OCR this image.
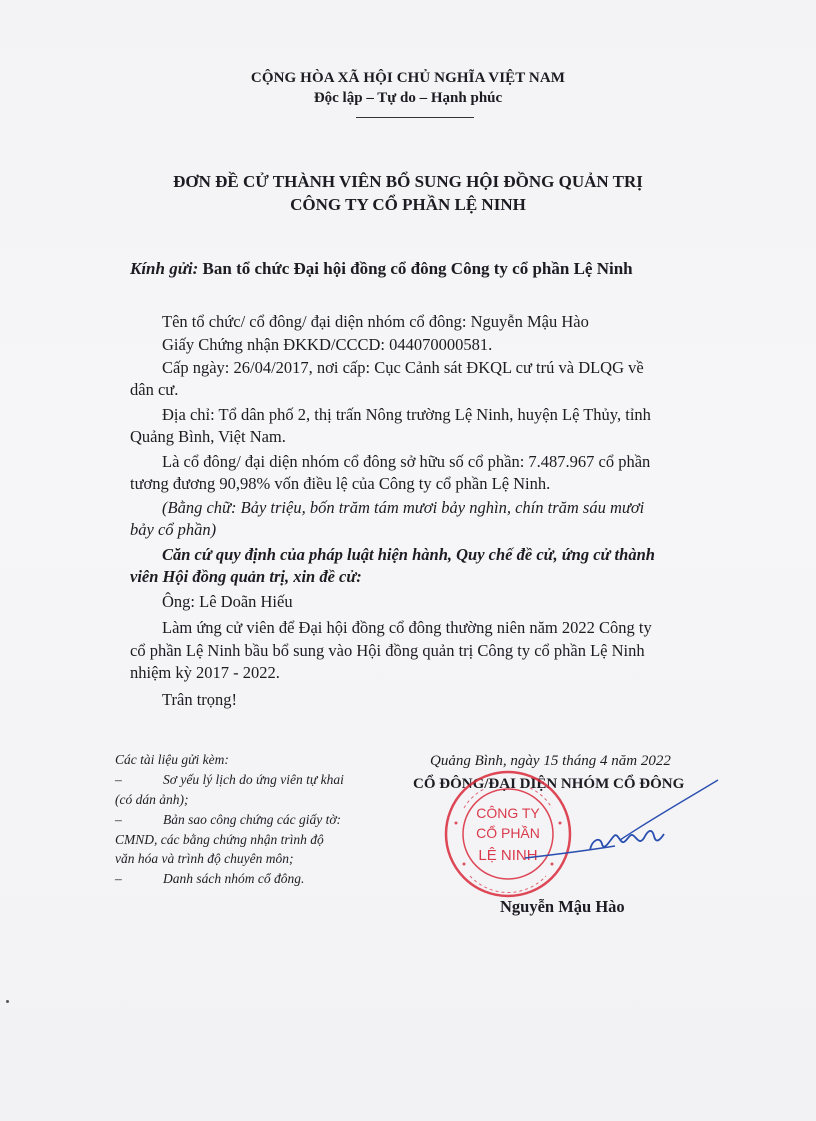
CỘNG HÒA XÃ HỘI CHỦ NGHĨA VIỆT NAM
Độc lập – Tự do – Hạnh phúc
ĐƠN ĐỀ CỬ THÀNH VIÊN BỔ SUNG HỘI ĐỒNG QUẢN TRỊ
CÔNG TY CỔ PHẦN LỆ NINH
Kính gửi: Ban tổ chức Đại hội đồng cổ đông Công ty cổ phần Lệ Ninh
Tên tổ chức/ cổ đông/ đại diện nhóm cổ đông: Nguyễn Mậu Hào
Giấy Chứng nhận ĐKKD/CCCD: 044070000581.
Cấp ngày: 26/04/2017, nơi cấp: Cục Cảnh sát ĐKQL cư trú và DLQG về
dân cư.
Địa chỉ: Tổ dân phố 2, thị trấn Nông trường Lệ Ninh, huyện Lệ Thủy, tỉnh
Quảng Bình, Việt Nam.
Là cổ đông/ đại diện nhóm cổ đông sở hữu số cổ phần: 7.487.967 cổ phần
tương đương 90,98% vốn điều lệ của Công ty cổ phần Lệ Ninh.
(Bằng chữ: Bảy triệu, bốn trăm tám mươi bảy nghìn, chín trăm sáu mươi
bảy cổ phần)
Căn cứ quy định của pháp luật hiện hành, Quy chế đề cử, ứng cử thành
viên Hội đồng quản trị, xin đề cử:
Ông: Lê Doãn Hiếu
Làm ứng cử viên để Đại hội đồng cổ đông thường niên năm 2022 Công ty
cổ phần Lệ Ninh bầu bổ sung vào Hội đồng quản trị Công ty cổ phần Lệ Ninh
nhiệm kỳ 2017 - 2022.
Trân trọng!
Các tài liệu gửi kèm:
–	Sơ yếu lý lịch do ứng viên tự khai
(có dán ảnh);
–	Bản sao công chứng các giấy tờ:
CMND, các bằng chứng nhận trình độ
văn hóa và trình độ chuyên môn;
–	Danh sách nhóm cổ đông.
Quảng Bình, ngày 15 tháng 4 năm 2022
CỔ ĐÔNG/ĐẠI DIỆN NHÓM CỔ ĐÔNG
CÔNG TY
CỔ PHẦN
LỆ NINH
Nguyễn Mậu Hào
